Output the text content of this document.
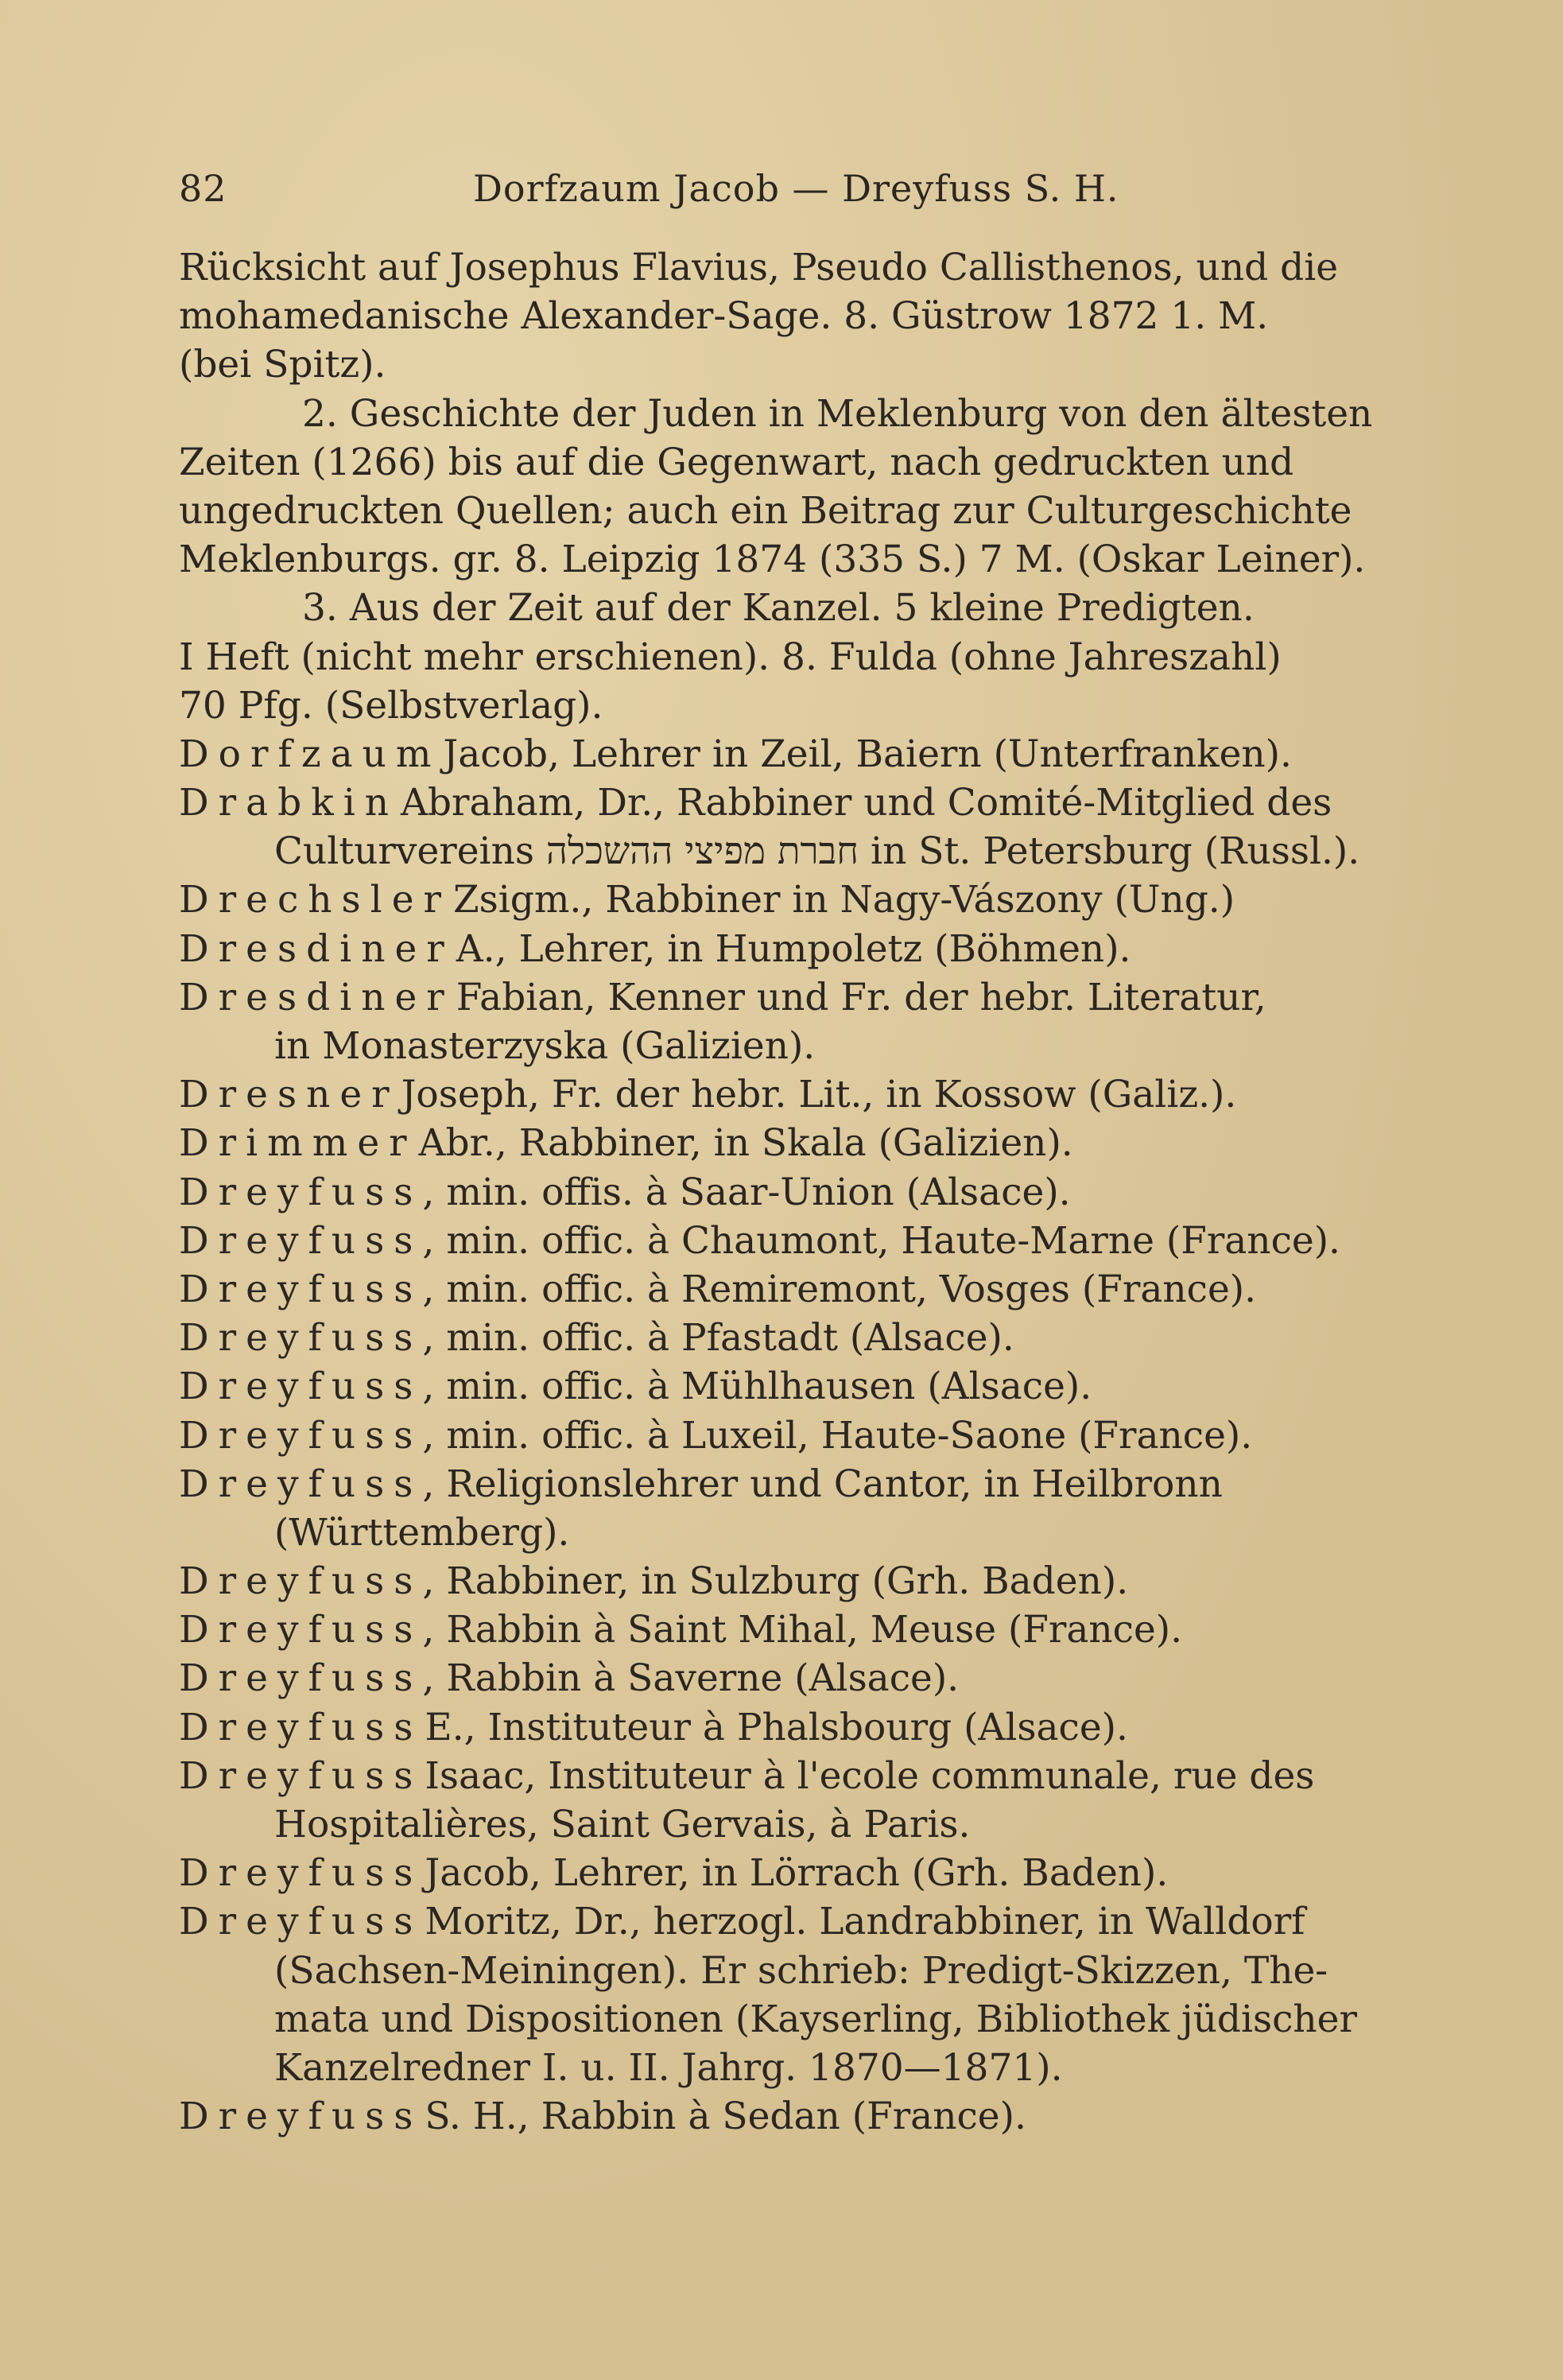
82	Dorfzaum Jacob — Dreyfuss S. H.
Rücksicht auf Josephus Flavius, Pseudo Callisthenos, und die
mohamedanische Alexander-Sage. 8. Güstrow 1872 1. M.
(bei Spitz).
2. Geschichte der Juden in Meklenburg von den ältesten
Zeiten (1266) bis auf die Gegenwart, nach gedruckten und
ungedruckten Quellen; auch ein Beitrag zur Culturgeschichte
Meklenburgs. gr. 8. Leipzig 1874 (335 S.) 7 M. (Oskar Leiner).
3. Aus der Zeit auf der Kanzel. 5 kleine Predigten.
I Heft (nicht mehr erschienen). 8. Fulda (ohne Jahreszahl)
70 Pfg. (Selbstverlag).
Dorfzaum Jacob, Lehrer in Zeil, Baiern (Unterfranken).
Drabkin Abraham, Dr., Rabbiner und Comité-Mitglied des
Culturvereins חברת מפיצי ההשכלה in St. Petersburg (Russl.).
Drechsler Zsigm., Rabbiner in Nagy-Vászony (Ung.)
Dresdiner A., Lehrer, in Humpoletz (Böhmen).
Dresdiner Fabian, Kenner und Fr. der hebr. Literatur,
in Monasterzyska (Galizien).
Dresner Joseph, Fr. der hebr. Lit., in Kossow (Galiz.).
Drimmer Abr., Rabbiner, in Skala (Galizien).
Dreyfuss, min. offis. à Saar-Union (Alsace).
Dreyfuss, min. offic. à Chaumont, Haute-Marne (France).
Dreyfuss, min. offic. à Remiremont, Vosges (France).
Dreyfuss, min. offic. à Pfastadt (Alsace).
Dreyfuss, min. offic. à Mühlhausen (Alsace).
Dreyfuss, min. offic. à Luxeil, Haute-Saone (France).
Dreyfuss, Religionslehrer und Cantor, in Heilbronn
(Württemberg).
Dreyfuss, Rabbiner, in Sulzburg (Grh. Baden).
Dreyfuss, Rabbin à Saint Mihal, Meuse (France).
Dreyfuss, Rabbin à Saverne (Alsace).
Dreyfuss E., Instituteur à Phalsbourg (Alsace).
Dreyfuss Isaac, Instituteur à l'ecole communale, rue des
Hospitalières, Saint Gervais, à Paris.
Dreyfuss Jacob, Lehrer, in Lörrach (Grh. Baden).
Dreyfuss Moritz, Dr., herzogl. Landrabbiner, in Walldorf
(Sachsen-Meiningen). Er schrieb: Predigt-Skizzen, The-
mata und Dispositionen (Kayserling, Bibliothek jüdischer
Kanzelredner I. u. II. Jahrg. 1870—1871).
Dreyfuss S. H., Rabbin à Sedan (France).
